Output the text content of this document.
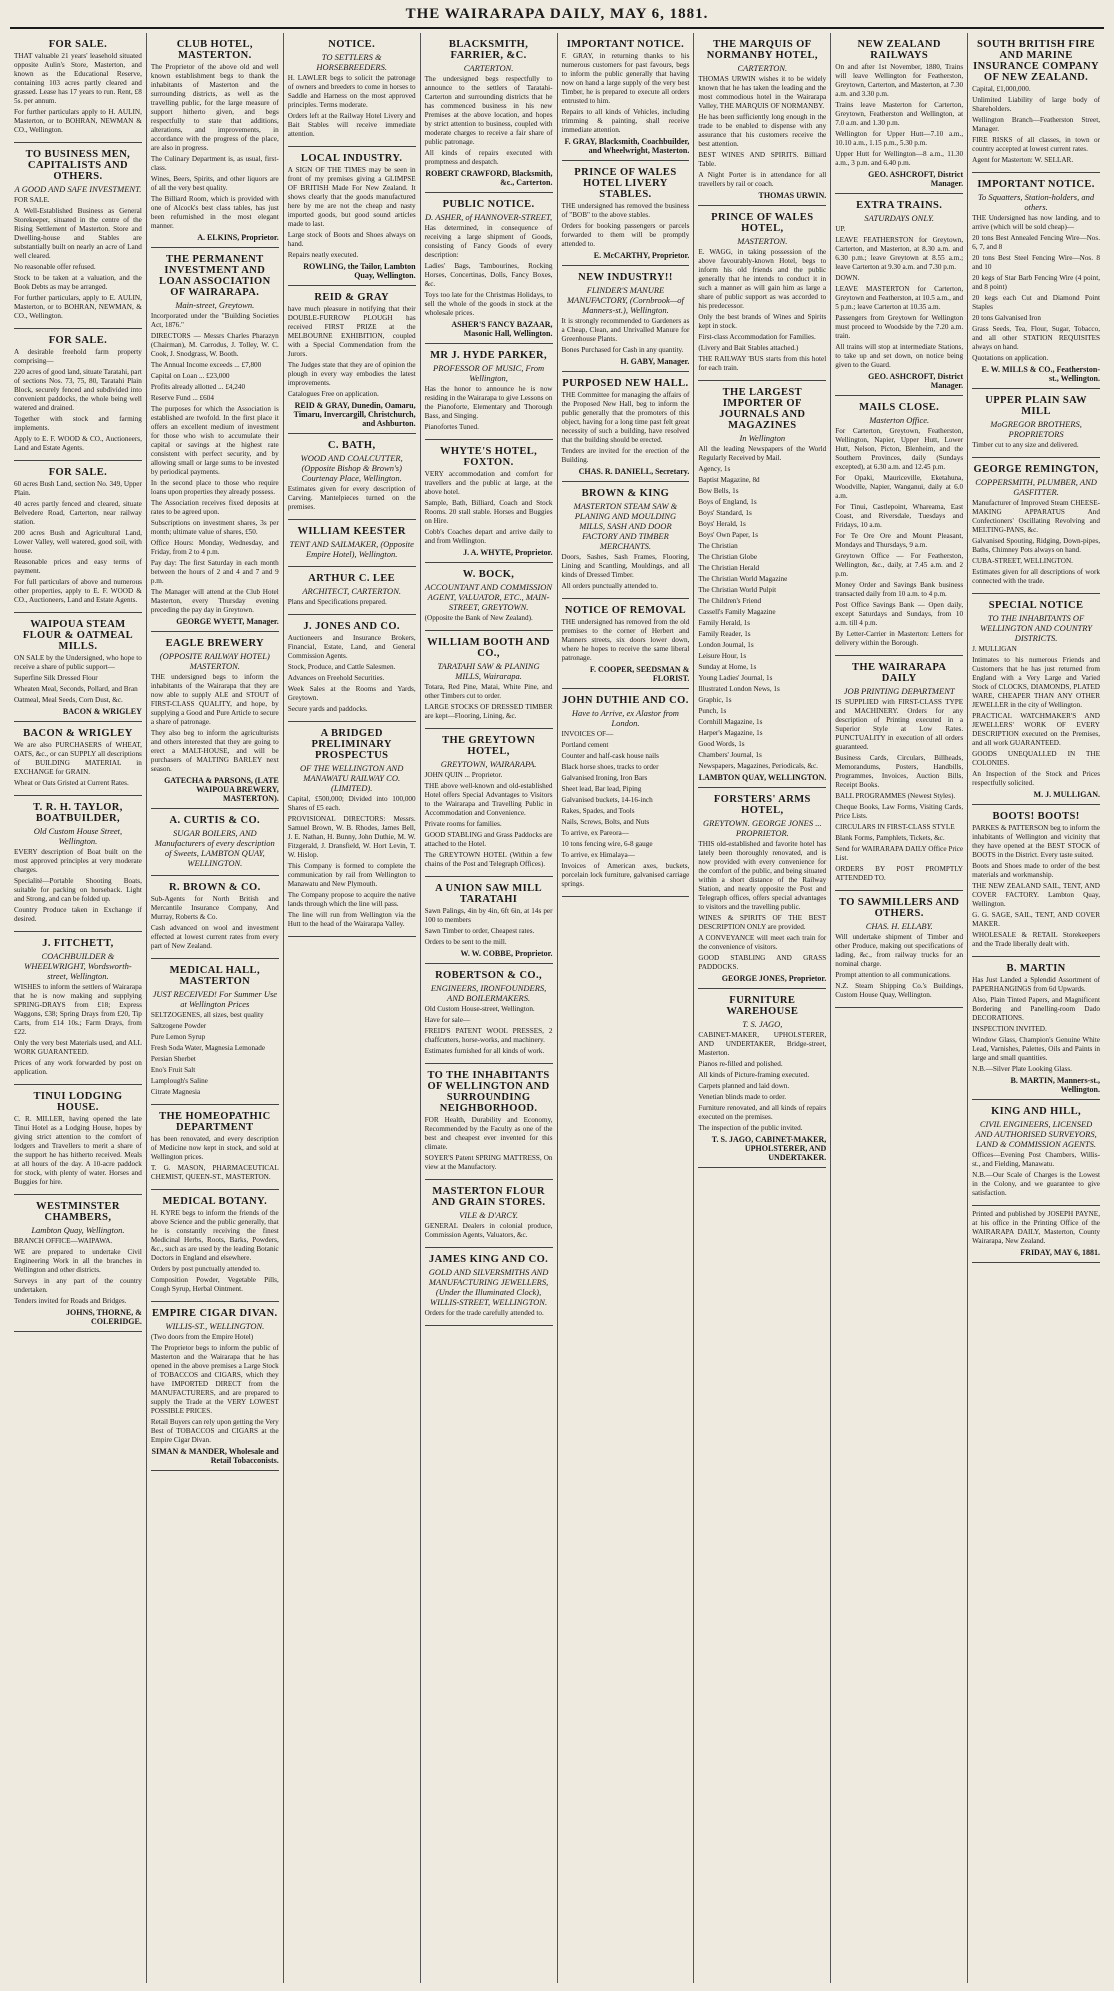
THE WAIRARAPA DAILY, MAY 6, 1881.
FOR SALE.

THAT valuable 21 years' leasehold situated opposite Aulin's Store, Masterton, and known as the Educational Reserve, containing 103 acres partly cleared and grassed. Lease has 17 years to run. Rent, £8 5s. per annum.

For further particulars apply to H. AULIN, Masterton, or to BOHRAN, NEWMAN & CO., Wellington.

TO BUSINESS MEN, CAPITALISTS AND OTHERS.
A GOOD AND SAFE INVESTMENT.

FOR SALE.

A Well-Established Business as General Storekeeper, situated in the centre of the Rising Settlement of Masterton. Store and Dwelling-house and Stables are substantially built on nearly an acre of Land well cleared.

No reasonable offer refused.

Stock to be taken at a valuation, and the Book Debts as may be arranged.

For further particulars, apply to E. AULIN, Masterton, or to BOHRAN, NEWMAN, & CO., Wellington.

FOR SALE.

A desirable freehold farm property comprising—

220 acres of good land, situate Taratahi, part of sections Nos. 73, 75, 80, Taratahi Plain Block, securely fenced and subdivided into convenient paddocks, the whole being well watered and drained.

Together with stock and farming implements.

Apply to E. F. WOOD & CO., Auctioneers, Land and Estate Agents.

FOR SALE.

60 acres Bush Land, section No. 349, Upper Plain.

40 acres partly fenced and cleared, situate Belvedere Road, Carterton, near railway station.

200 acres Bush and Agricultural Land, Lower Valley, well watered, good soil, with house.

Reasonable prices and easy terms of payment.

For full particulars of above and numerous other properties, apply to E. F. WOOD & CO., Auctioneers, Land and Estate Agents.

WAIPOUA STEAM FLOUR & OATMEAL MILLS.

ON SALE by the Undersigned, who hope to receive a share of public support—

Superfine Silk Dressed Flour

Wheaten Meal, Seconds, Pollard, and Bran

Oatmeal, Meal Seeds, Corn Dust, &c.

BACON & WRIGLEY
BACON & WRIGLEY

We are also PURCHASERS of WHEAT, OATS, &c., or can SUPPLY all descriptions of BUILDING MATERIAL in EXCHANGE for GRAIN.

Wheat or Oats Gristed at Current Rates.

T. R. H. TAYLOR, BOATBUILDER,
Old Custom House Street, Wellington.

EVERY description of Boat built on the most approved principles at very moderate charges.

Specialité—Portable Shooting Boats, suitable for packing on horseback. Light and Strong, and can be folded up.

Country Produce taken in Exchange if desired.

J. FITCHETT,
COACHBUILDER & WHEELWRIGHT, Wordsworth-street, Wellington.

WISHES to inform the settlers of Wairarapa that he is now making and supplying SPRING-DRAYS from £18; Express Waggons, £38; Spring Drays from £20, Tip Carts, from £14 10s.; Farm Drays, from £22.

Only the very best Materials used, and ALL WORK GUARANTEED.

Prices of any work forwarded by post on application.

TINUI LODGING HOUSE.

C. R. MILLER, having opened the late Tinui Hotel as a Lodging House, hopes by giving strict attention to the comfort of lodgers and Travellers to merit a share of the support he has hitherto received. Meals at all hours of the day. A 10-acre paddock for stock, with plenty of water. Horses and Buggies for hire.

WESTMINSTER CHAMBERS,
Lambton Quay, Wellington.

BRANCH OFFICE—WAIPAWA.

WE are prepared to undertake Civil Engineering Work in all the branches in Wellington and other districts.

Surveys in any part of the country undertaken.

Tenders invited for Roads and Bridges.

JOHNS, THORNE, & COLERIDGE.
CLUB HOTEL, MASTERTON.

The Proprietor of the above old and well known establishment begs to thank the inhabitants of Masterton and the surrounding districts, as well as the travelling public, for the large measure of support hitherto given, and begs respectfully to state that additions, alterations, and improvements, in accordance with the progress of the place, are also in progress.

The Culinary Department is, as usual, first-class.

Wines, Beers, Spirits, and other liquors are of all the very best quality.

The Billiard Room, which is provided with one of Alcock's best class tables, has just been refurnished in the most elegant manner.

A. ELKINS, Proprietor.
THE PERMANENT INVESTMENT AND LOAN ASSOCIATION OF WAIRARAPA.
Main-street, Greytown.

Incorporated under the "Building Societies Act, 1876."

DIRECTORS — Messrs Charles Pharazyn (Chairman), M. Carrodus, J. Tolley, W. C. Cook, J. Snodgrass, W. Booth.

The Annual Income exceeds ... £7,800

Capital on Loan ... £23,000

Profits already allotted ... £4,240

Reserve Fund ... £604

The purposes for which the Association is established are twofold. In the first place it offers an excellent medium of investment for those who wish to accumulate their capital or savings at the highest rate consistent with perfect security, and by allowing small or large sums to be invested by periodical payments.

In the second place to those who require loans upon properties they already possess.

The Association receives fixed deposits at rates to be agreed upon.

Subscriptions on investment shares, 3s per month; ultimate value of shares, £50.

Office Hours: Monday, Wednesday, and Friday, from 2 to 4 p.m.

Pay day: The first Saturday in each month between the hours of 2 and 4 and 7 and 9 p.m.

The Manager will attend at the Club Hotel Masterton, every Thursday evening preceding the pay day in Greytown.

GEORGE WYETT, Manager.
EAGLE BREWERY
(OPPOSITE RAILWAY HOTEL) MASTERTON.

THE undersigned begs to inform the inhabitants of the Wairarapa that they are now able to supply ALE and STOUT of FIRST-CLASS QUALITY, and hope, by supplying a Good and Pure Article to secure a share of patronage.

They also beg to inform the agriculturists and others interested that they are going to erect a MALT-HOUSE, and will be purchasers of MALTING BARLEY next season.

GATECHA & PARSONS, (LATE WAIPOUA BREWERY, MASTERTON).
A. CURTIS & CO.
SUGAR BOILERS, AND Manufacturers of every description of Sweets, LAMBTON QUAY, WELLINGTON.
R. BROWN & CO.

Sub-Agents for North British and Mercantile Insurance Company, And Murray, Roberts & Co.

Cash advanced on wool and investment effected at lowest current rates from every part of New Zealand.

MEDICAL HALL, MASTERTON
JUST RECEIVED! For Summer Use at Wellington Prices

SELTZOGENES, all sizes, best quality

Saltzogene Powder

Pure Lemon Syrup

Fresh Soda Water, Magnesia Lemonade

Persian Sherbet

Eno's Fruit Salt

Lamplough's Saline

Citrate Magnesia

THE HOMEOPATHIC DEPARTMENT

has been renovated, and every description of Medicine now kept in stock, and sold at Wellington prices.

T. G. MASON, PHARMACEUTICAL CHEMIST, QUEEN-ST., MASTERTON.

MEDICAL BOTANY.

H. KYRE begs to inform the friends of the above Science and the public generally, that he is constantly receiving the finest Medicinal Herbs, Roots, Barks, Powders, &c., such as are used by the leading Botanic Doctors in England and elsewhere.

Orders by post punctually attended to.

Composition Powder, Vegetable Pills, Cough Syrup, Herbal Ointment.

EMPIRE CIGAR DIVAN.
WILLIS-ST., WELLINGTON.

(Two doors from the Empire Hotel)

The Proprietor begs to inform the public of Masterton and the Wairarapa that he has opened in the above premises a Large Stock of TOBACCOS and CIGARS, which they have IMPORTED DIRECT from the MANUFACTURERS, and are prepared to supply the Trade at the VERY LOWEST POSSIBLE PRICES.

Retail Buyers can rely upon getting the Very Best of TOBACCOS and CIGARS at the Empire Cigar Divan.

SIMAN & MANDER, Wholesale and Retail Tobacconists.
NOTICE.
TO SETTLERS & HORSEBREEDERS.

H. LAWLER begs to solicit the patronage of owners and breeders to come in horses to Saddle and Harness on the most approved principles. Terms moderate.

Orders left at the Railway Hotel Livery and Bait Stables will receive immediate attention.

LOCAL INDUSTRY.

A SIGN OF THE TIMES may be seen in front of my premises giving a GLIMPSE OF BRITISH Made For New Zealand. It shows clearly that the goods manufactured here by me are not the cheap and nasty imported goods, but good sound articles made to last.

Large stock of Boots and Shoes always on hand.

Repairs neatly executed.

ROWLING, the Tailor, Lambton Quay, Wellington.
REID & GRAY

have much pleasure in notifying that their DOUBLE-FURROW PLOUGH has received FIRST PRIZE at the MELBOURNE EXHIBITION, coupled with a Special Commendation from the Jurors.

The Judges state that they are of opinion the plough in every way embodies the latest improvements.

Catalogues Free on application.

REID & GRAY, Dunedin, Oamaru, Timaru, Invercargill, Christchurch, and Ashburton.
C. BATH,
WOOD AND COALCUTTER, (Opposite Bishop & Brown's) Courtenay Place, Wellington.

Estimates given for every description of Carving. Mantelpieces turned on the premises.

WILLIAM KEESTER
TENT AND SAILMAKER, (Opposite Empire Hotel), Wellington.
ARTHUR C. LEE
ARCHITECT, CARTERTON.

Plans and Specifications prepared.

J. JONES AND CO.

Auctioneers and Insurance Brokers, Financial, Estate, Land, and General Commission Agents.

Stock, Produce, and Cattle Salesmen.

Advances on Freehold Securities.

Week Sales at the Rooms and Yards, Greytown.

Secure yards and paddocks.

A BRIDGED PRELIMINARY PROSPECTUS
OF THE WELLINGTON AND MANAWATU RAILWAY CO. (LIMITED).

Capital, £500,000; Divided into 100,000 Shares of £5 each.

PROVISIONAL DIRECTORS: Messrs. Samuel Brown, W. B. Rhodes, James Bell, J. E. Nathan, H. Bunny, John Duthie, M. W. Fitzgerald, J. Dransfield, W. Hort Levin, T. W. Hislop.

This Company is formed to complete the communication by rail from Wellington to Manawatu and New Plymouth.

The Company propose to acquire the native lands through which the line will pass.

The line will run from Wellington via the Hutt to the head of the Wairarapa Valley.

BLACKSMITH, FARRIER, &C.
CARTERTON.

The undersigned begs respectfully to announce to the settlers of Taratahi-Carterton and surrounding districts that he has commenced business in his new Premises at the above location, and hopes by strict attention to business, coupled with moderate charges to receive a fair share of public patronage.

All kinds of repairs executed with promptness and despatch.

ROBERT CRAWFORD, Blacksmith, &c., Carterton.
PUBLIC NOTICE.
D. ASHER, of HANNOVER-STREET,

Has determined, in consequence of receiving a large shipment of Goods, consisting of Fancy Goods of every description:

Ladies' Bags, Tambourines, Rocking Horses, Concertinas, Dolls, Fancy Boxes, &c.

Toys too late for the Christmas Holidays, to sell the whole of the goods in stock at the wholesale prices.

ASHER'S FANCY BAZAAR, Masonic Hall, Wellington.
MR J. HYDE PARKER,
PROFESSOR OF MUSIC, From Wellington,

Has the honor to announce he is now residing in the Wairarapa to give Lessons on the Pianoforte, Elementary and Thorough Bass, and Singing.

Pianofortes Tuned.

WHYTE'S HOTEL, FOXTON.

VERY accommodation and comfort for travellers and the public at large, at the above hotel.

Sample, Bath, Billiard, Coach and Stock Rooms. 20 stall stable. Horses and Buggies on Hire.

Cobb's Coaches depart and arrive daily to and from Wellington.

J. A. WHYTE, Proprietor.
W. BOCK,
ACCOUNTANT AND COMMISSION AGENT, VALUATOR, ETC., MAIN-STREET, GREYTOWN.

(Opposite the Bank of New Zealand).

WILLIAM BOOTH AND CO.,
TARATAHI SAW & PLANING MILLS, Wairarapa.

Totara, Red Pine, Matai, White Pine, and other Timbers cut to order.

LARGE STOCKS OF DRESSED TIMBER are kept—Flooring, Lining, &c.

THE GREYTOWN HOTEL,
GREYTOWN, WAIRARAPA.

JOHN QUIN ... Proprietor.

THE above well-known and old-established Hotel offers Special Advantages to Visitors to the Wairarapa and Travelling Public in Accommodation and Convenience.

Private rooms for families.

GOOD STABLING and Grass Paddocks are attached to the Hotel.

The GREYTOWN HOTEL (Within a few chains of the Post and Telegraph Offices).

A UNION SAW MILL TARATAHI

Sawn Palings, 4in by 4in, 6ft 6in, at 14s per 100 to members

Sawn Timber to order, Cheapest rates.

Orders to be sent to the mill.

W. W. COBBE, Proprietor.
ROBERTSON & CO.,
ENGINEERS, IRONFOUNDERS, AND BOILERMAKERS.

Old Custom House-street, Wellington.

Have for sale—

FREID'S PATENT WOOL PRESSES, 2 chaffcutters, horse-works, and machinery.

Estimates furnished for all kinds of work.

TO THE INHABITANTS OF WELLINGTON AND SURROUNDING NEIGHBORHOOD.

FOR Health, Durability and Economy, Recommended by the Faculty as one of the best and cheapest ever invented for this climate.

SOYER'S Patent SPRING MATTRESS, On view at the Manufactory.

MASTERTON FLOUR AND GRAIN STORES.
VILE & D'ARCY.

GENERAL Dealers in colonial produce, Commission Agents, Valuators, &c.

JAMES KING AND CO.
GOLD AND SILVERSMITHS AND MANUFACTURING JEWELLERS, (Under the Illuminated Clock), WILLIS-STREET, WELLINGTON.

Orders for the trade carefully attended to.

IMPORTANT NOTICE.

F. GRAY, in returning thanks to his numerous customers for past favours, begs to inform the public generally that having now on hand a large supply of the very best Timber, he is prepared to execute all orders entrusted to him.

Repairs to all kinds of Vehicles, including trimming & painting, shall receive immediate attention.

F. GRAY, Blacksmith, Coachbuilder, and Wheelwright, Masterton.
PRINCE OF WALES HOTEL LIVERY STABLES.

THE undersigned has removed the business of "BOB" to the above stables.

Orders for booking passengers or parcels forwarded to them will be promptly attended to.

E. McCARTHY, Proprietor.
NEW INDUSTRY!!
FLINDER'S MANURE MANUFACTORY, (Cornbrook—of Manners-st.), Wellington.

It is strongly recommended to Gardeners as a Cheap, Clean, and Unrivalled Manure for Greenhouse Plants.

Bones Purchased for Cash in any quantity.

H. GABY, Manager.
PURPOSED NEW HALL.

THE Committee for managing the affairs of the Proposed New Hall, beg to inform the public generally that the promoters of this object, having for a long time past felt great necessity of such a building, have resolved that the building should be erected.

Tenders are invited for the erection of the Building.

CHAS. R. DANIELL, Secretary.
BROWN & KING
MASTERTON STEAM SAW & PLANING AND MOULDING MILLS, SASH AND DOOR FACTORY AND TIMBER MERCHANTS.

Doors, Sashes, Sash Frames, Flooring, Lining and Scantling, Mouldings, and all kinds of Dressed Timber.

All orders punctually attended to.

NOTICE OF REMOVAL

THE undersigned has removed from the old premises to the corner of Herbert and Manners streets, six doors lower down, where he hopes to receive the same liberal patronage.

F. COOPER, SEEDSMAN & FLORIST.
JOHN DUTHIE AND CO.
Have to Arrive, ex Alastor from London.

INVOICES OF—

Portland cement

Counter and half-cask house nails

Black horse shoes, tracks to order

Galvanised Ironing, Iron Bars

Sheet lead, Bar lead, Piping

Galvanised buckets, 14-16-inch

Rakes, Spades, and Tools

Nails, Screws, Bolts, and Nuts

To arrive, ex Pareora—

10 tons fencing wire, 6-8 gauge

To arrive, ex Himalaya—

Invoices of American axes, buckets, porcelain lock furniture, galvanised carriage springs.

THE MARQUIS OF NORMANBY HOTEL,
CARTERTON.

THOMAS URWIN wishes it to be widely known that he has taken the leading and the most commodious hotel in the Wairarapa Valley, THE MARQUIS OF NORMANBY.

He has been sufficiently long enough in the trade to be enabled to dispense with any assurance that his customers receive the best attention.

BEST WINES AND SPIRITS. Billiard Table.

A Night Porter is in attendance for all travellers by rail or coach.

THOMAS URWIN.
PRINCE OF WALES HOTEL,
MASTERTON.

E. WAGG, in taking possession of the above favourably-known Hotel, begs to inform his old friends and the public generally that he intends to conduct it in such a manner as will gain him as large a share of public support as was accorded to his predecessor.

Only the best brands of Wines and Spirits kept in stock.

First-class Accommodation for Families.

(Livery and Bait Stables attached.)

THE RAILWAY 'BUS starts from this hotel for each train.

THE LARGEST IMPORTER OF JOURNALS AND MAGAZINES
In Wellington

All the leading Newspapers of the World Regularly Received by Mail.

Agency, 1s

Baptist Magazine, 8d

Bow Bells, 1s

Boys of England, 1s

Boys' Standard, 1s

Boys' Herald, 1s

Boys' Own Paper, 1s

The Christian

The Christian Globe

The Christian Herald

The Christian World Magazine

The Christian World Pulpit

The Children's Friend

Cassell's Family Magazine

Family Herald, 1s

Family Reader, 1s

London Journal, 1s

Leisure Hour, 1s

Sunday at Home, 1s

Young Ladies' Journal, 1s

Illustrated London News, 1s

Graphic, 1s

Punch, 1s

Cornhill Magazine, 1s

Harper's Magazine, 1s

Good Words, 1s

Chambers' Journal, 1s

Newspapers, Magazines, Periodicals, &c.

LAMBTON QUAY, WELLINGTON.
FORSTERS' ARMS HOTEL,
GREYTOWN. GEORGE JONES ... PROPRIETOR.

THIS old-established and favorite hotel has lately been thoroughly renovated, and is now provided with every convenience for the comfort of the public, and being situated within a short distance of the Railway Station, and nearly opposite the Post and Telegraph offices, offers special advantages to visitors and the travelling public.

WINES & SPIRITS OF THE BEST DESCRIPTION ONLY are provided.

A CONVEYANCE will meet each train for the convenience of visitors.

GOOD STABLING AND GRASS PADDOCKS.

GEORGE JONES, Proprietor.
FURNITURE WAREHOUSE
T. S. JAGO,

CABINET-MAKER, UPHOLSTERER, AND UNDERTAKER, Bridge-street, Masterton.

Pianos re-filled and polished.

All kinds of Picture-framing executed.

Carpets planned and laid down.

Venetian blinds made to order.

Furniture renovated, and all kinds of repairs executed on the premises.

The inspection of the public invited.

T. S. JAGO, CABINET-MAKER, UPHOLSTERER, AND UNDERTAKER.
NEW ZEALAND RAILWAYS

On and after 1st November, 1880, Trains will leave Wellington for Featherston, Greytown, Carterton, and Masterton, at 7.30 a.m. and 3.30 p.m.

Trains leave Masterton for Carterton, Greytown, Featherston and Wellington, at 7.0 a.m. and 1.30 p.m.

Wellington for Upper Hutt—7.10 a.m., 10.10 a.m., 1.15 p.m., 5.30 p.m.

Upper Hutt for Wellington—8 a.m., 11.30 a.m., 3 p.m. and 6.40 p.m.

GEO. ASHCROFT, District Manager.
EXTRA TRAINS.
SATURDAYS ONLY.

UP.

LEAVE FEATHERSTON for Greytown, Carterton, and Masterton, at 8.30 a.m. and 6.30 p.m.; leave Greytown at 8.55 a.m.; leave Carterton at 9.30 a.m. and 7.30 p.m.

DOWN.

LEAVE MASTERTON for Carterton, Greytown and Featherston, at 10.5 a.m., and 5 p.m.; leave Carterton at 10.35 a.m.

Passengers from Greytown for Wellington must proceed to Woodside by the 7.20 a.m. train.

All trains will stop at intermediate Stations, to take up and set down, on notice being given to the Guard.

GEO. ASHCROFT, District Manager.
MAILS CLOSE.
Masterton Office.

For Carterton, Greytown, Featherston, Wellington, Napier, Upper Hutt, Lower Hutt, Nelson, Picton, Blenheim, and the Southern Provinces, daily (Sundays excepted), at 6.30 a.m. and 12.45 p.m.

For Opaki, Mauriceville, Eketahuna, Woodville, Napier, Wanganui, daily at 6.0 a.m.

For Tinui, Castlepoint, Whareama, East Coast, and Riversdale, Tuesdays and Fridays, 10 a.m.

For Te Ore Ore and Mount Pleasant, Mondays and Thursdays, 9 a.m.

Greytown Office — For Featherston, Wellington, &c., daily, at 7.45 a.m. and 2 p.m.

Money Order and Savings Bank business transacted daily from 10 a.m. to 4 p.m.

Post Office Savings Bank — Open daily, except Saturdays and Sundays, from 10 a.m. till 4 p.m.

By Letter-Carrier in Masterton: Letters for delivery within the Borough.

THE WAIRARAPA DAILY
JOB PRINTING DEPARTMENT

IS SUPPLIED with FIRST-CLASS TYPE and MACHINERY. Orders for any description of Printing executed in a Superior Style at Low Rates. PUNCTUALITY in execution of all orders guaranteed.

Business Cards, Circulars, Billheads, Memorandums, Posters, Handbills, Programmes, Invoices, Auction Bills, Receipt Books.

BALL PROGRAMMES (Newest Styles).

Cheque Books, Law Forms, Visiting Cards, Price Lists.

CIRCULARS IN FIRST-CLASS STYLE

Blank Forms, Pamphlets, Tickets, &c.

Send for WAIRARAPA DAILY Office Price List.

ORDERS BY POST PROMPTLY ATTENDED TO.

TO SAWMILLERS AND OTHERS.
CHAS. H. ELLABY.

Will undertake shipment of Timber and other Produce, making out specifications of lading, &c., from railway trucks for an nominal charge.

Prompt attention to all communications.

N.Z. Steam Shipping Co.'s Buildings, Custom House Quay, Wellington.

SOUTH BRITISH FIRE AND MARINE INSURANCE COMPANY OF NEW ZEALAND.

Capital, £1,000,000.

Unlimited Liability of large body of Shareholders.

Wellington Branch—Featherston Street, Manager.

FIRE RISKS of all classes, in town or country accepted at lowest current rates.

Agent for Masterton: W. SELLAR.

IMPORTANT NOTICE.
To Squatters, Station-holders, and others.

THE Undersigned has now landing, and to arrive (which will be sold cheap)—

20 tons Best Annealed Fencing Wire—Nos. 6, 7, and 8

20 tons Best Steel Fencing Wire—Nos. 8 and 10

20 kegs of Star Barb Fencing Wire (4 point, and 8 point)

20 kegs each Cut and Diamond Point Staples

20 tons Galvanised Iron

Grass Seeds, Tea, Flour, Sugar, Tobacco, and all other STATION REQUISITES always on hand.

Quotations on application.

E. W. MILLS & CO., Featherston-st., Wellington.
UPPER PLAIN SAW MILL
MoGREGOR BROTHERS, PROPRIETORS

Timber cut to any size and delivered.

GEORGE REMINGTON,
COPPERSMITH, PLUMBER, AND GASFITTER.

Manufacturer of Improved Steam CHEESE-MAKING APPARATUS And Confectioners' Oscillating Revolving and MELTING-PANS, &c.

Galvanised Spouting, Ridging, Down-pipes, Baths, Chimney Pots always on hand.

CUBA-STREET, WELLINGTON.

Estimates given for all descriptions of work connected with the trade.

SPECIAL NOTICE
TO THE INHABITANTS OF WELLINGTON AND COUNTRY DISTRICTS.

J. MULLIGAN

Intimates to his numerous Friends and Customers that he has just returned from England with a Very Large and Varied Stock of CLOCKS, DIAMONDS, PLATED WARE, CHEAPER THAN ANY OTHER JEWELLER in the city of Wellington.

PRACTICAL WATCHMAKER'S AND JEWELLERS' WORK OF EVERY DESCRIPTION executed on the Premises, and all work GUARANTEED.

GOODS UNEQUALLED IN THE COLONIES.

An Inspection of the Stock and Prices respectfully solicited.

M. J. MULLIGAN.
BOOTS! BOOTS!

PARKES & PATTERSON beg to inform the inhabitants of Wellington and vicinity that they have opened at the BEST STOCK of BOOTS in the District. Every taste suited.

Boots and Shoes made to order of the best materials and workmanship.

THE NEW ZEALAND SAIL, TENT, AND COVER FACTORY. Lambton Quay, Wellington.

G. G. SAGE, SAIL, TENT, AND COVER MAKER.

WHOLESALE & RETAIL Storekeepers and the Trade liberally dealt with.

B. MARTIN

Has Just Landed a Splendid Assortment of PAPERHANGINGS from 6d Upwards.

Also, Plain Tinted Papers, and Magnificent Bordering and Panelling-room Dado DECORATIONS.

INSPECTION INVITED.

Window Glass, Champion's Genuine White Lead, Varnishes, Palettes, Oils and Paints in large and small quantities.

N.B.—Silver Plate Looking Glass.

B. MARTIN, Manners-st., Wellington.
KING AND HILL,
CIVIL ENGINEERS, LICENSED AND AUTHORISED SURVEYORS, LAND & COMMISSION AGENTS.

Offices—Evening Post Chambers, Willis-st., and Fielding, Manawatu.

N.B.—Our Scale of Charges is the Lowest in the Colony, and we guarantee to give satisfaction.

Printed and published by JOSEPH PAYNE, at his office in the Printing Office of the WAIRARAPA DAILY, Masterton, County Wairarapa, New Zealand.

FRIDAY, MAY 6, 1881.
